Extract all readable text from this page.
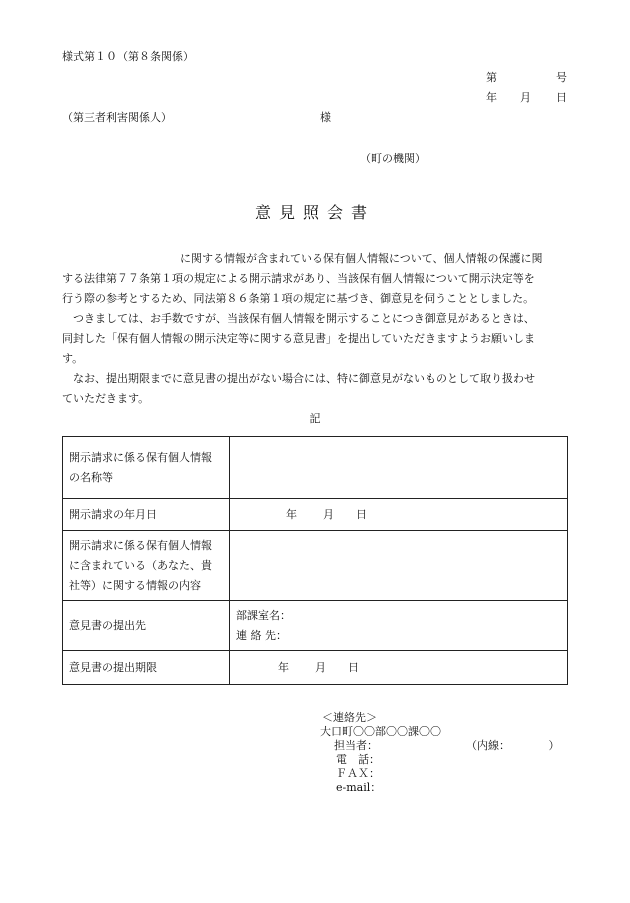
様式第１０（第８条関係）
第	号
年 月 日
（第三者利害関係人）	様
（町の機関）
意見照会書

に関する情報が含まれている保有個人情報について、個人情報の保護に関

する法律第７７条第１項の規定による開示請求があり、当該保有個人情報について開示決定等を

行う際の参考とするため、同法第８６条第１項の規定に基づき、御意見を伺うこととしました。

つきましては、お手数ですが、当該保有個人情報を開示することにつき御意見があるときは、

同封した「保有個人情報の開示決定等に関する意見書」を提出していただきますようお願いしま

す。

なお、提出期限までに意見書の提出がない場合には、特に御意見がないものとして取り扱わせ

ていただきます。

記
開示請求に係る保有個人情報
の名称等	

開示請求の年月日	年 月 日

開示請求に係る保有個人情報
に含まれている（あなた、貴
社等）に関する情報の内容	

意見書の提出先	部課室名：
連 絡 先：

意見書の提出期限	年 月 日
＜連絡先＞
大口町〇〇部〇〇課〇〇
担当者：	（内線：　　　　）
電　話：
ＦＡＸ：
e-mail：
